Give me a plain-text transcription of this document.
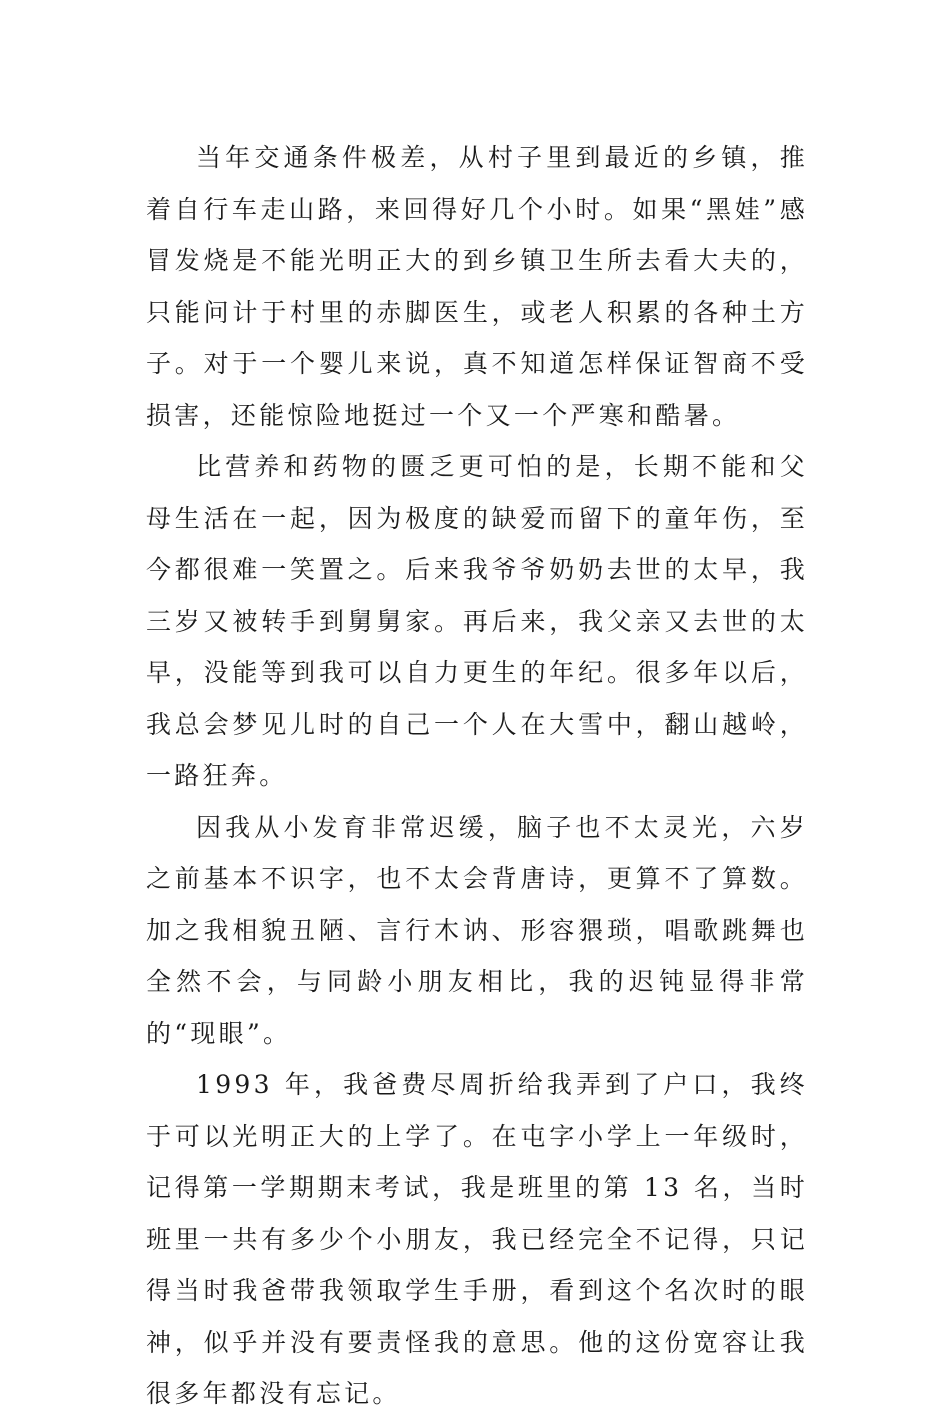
当年交通条件极差，从村子里到最近的乡镇，推着自行车走山路，来回得好几个小时。如果“黑娃”感冒发烧是不能光明正大的到乡镇卫生所去看大夫的，只能问计于村里的赤脚医生，或老人积累的各种土方子。对于一个婴儿来说，真不知道怎样保证智商不受损害，还能惊险地挺过一个又一个严寒和酷暑。

比营养和药物的匮乏更可怕的是，长期不能和父母生活在一起，因为极度的缺爱而留下的童年伤，至今都很难一笑置之。后来我爷爷奶奶去世的太早，我三岁又被转手到舅舅家。再后来，我父亲又去世的太早，没能等到我可以自力更生的年纪。很多年以后，我总会梦见儿时的自己一个人在大雪中，翻山越岭，一路狂奔。

因我从小发育非常迟缓，脑子也不太灵光，六岁之前基本不识字，也不太会背唐诗，更算不了算数。加之我相貌丑陋、言行木讷、形容猥琐，唱歌跳舞也全然不会，与同龄小朋友相比，我的迟钝显得非常的“现眼”。

1993 年，我爸费尽周折给我弄到了户口，我终于可以光明正大的上学了。在屯字小学上一年级时，记得第一学期期末考试，我是班里的第 13 名，当时班里一共有多少个小朋友，我已经完全不记得，只记得当时我爸带我领取学生手册，看到这个名次时的眼神，似乎并没有要责怪我的意思。他的这份宽容让我很多年都没有忘记。
